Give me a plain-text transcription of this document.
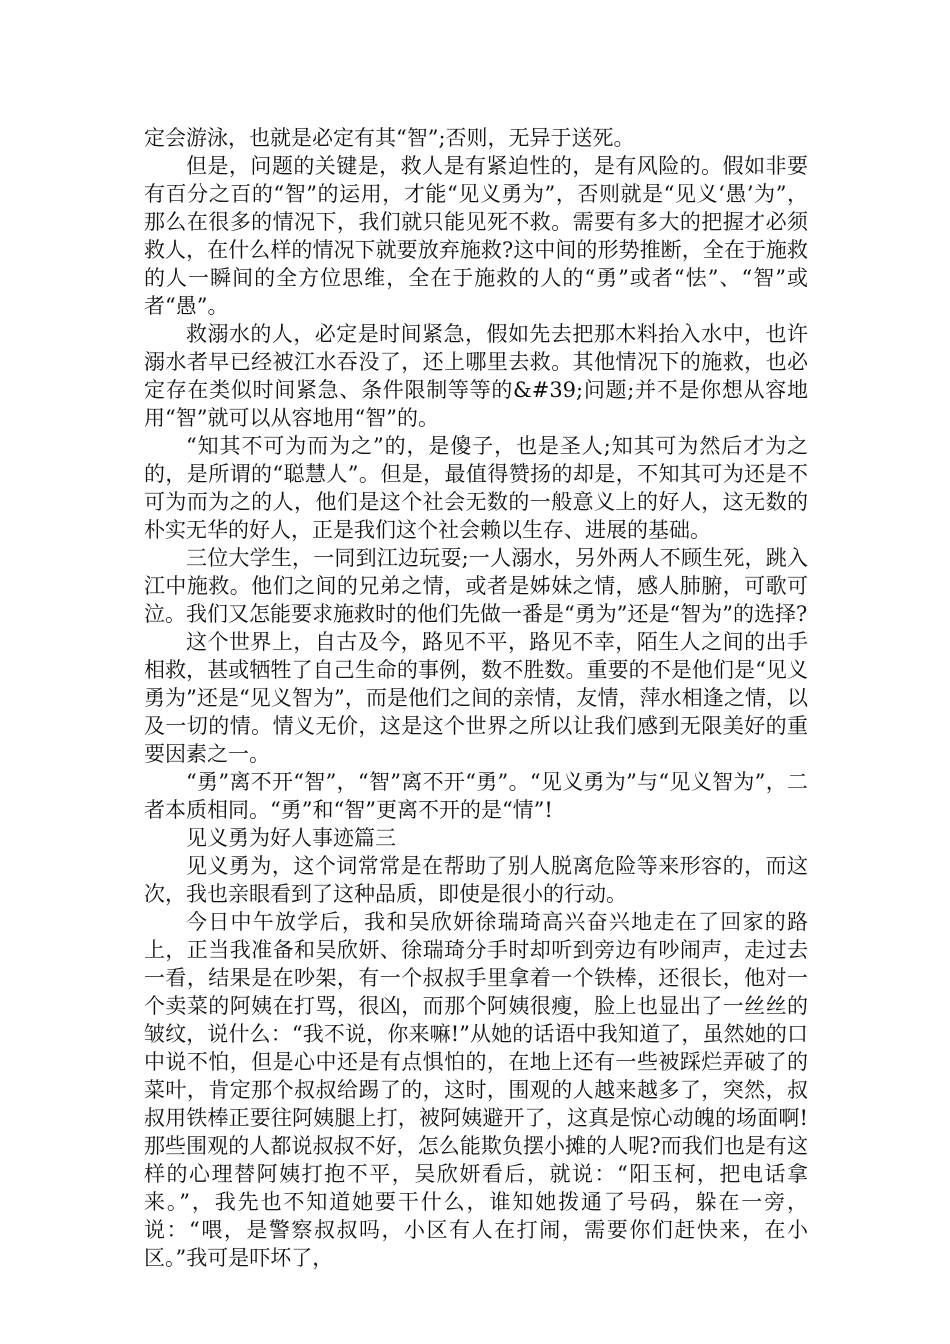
定会游泳，也就是必定有其“智”;否则，无异于送死。

但是，问题的关键是，救人是有紧迫性的，是有风险的。假如非要有百分之百的“智”的运用，才能“见义勇为”，否则就是“见义‘愚’为”，那么在很多的情况下，我们就只能见死不救。需要有多大的把握才必须救人，在什么样的情况下就要放弃施救?这中间的形势推断，全在于施救的人一瞬间的全方位思维，全在于施救的人的“勇”或者“怯”、“智”或者“愚”。

救溺水的人，必定是时间紧急，假如先去把那木料抬入水中，也许溺水者早已经被江水吞没了，还上哪里去救。其他情况下的施救，也必定存在类似时间紧急、条件限制等等的&#39;问题;并不是你想从容地用“智”就可以从容地用“智”的。

“知其不可为而为之”的，是傻子，也是圣人;知其可为然后才为之的，是所谓的“聪慧人”。但是，最值得赞扬的却是，不知其可为还是不可为而为之的人，他们是这个社会无数的一般意义上的好人，这无数的朴实无华的好人，正是我们这个社会赖以生存、进展的基础。

三位大学生，一同到江边玩耍;一人溺水，另外两人不顾生死，跳入江中施救。他们之间的兄弟之情，或者是姊妹之情，感人肺腑，可歌可泣。我们又怎能要求施救时的他们先做一番是“勇为”还是“智为”的选择?

这个世界上，自古及今，路见不平，路见不幸，陌生人之间的出手相救，甚或牺牲了自己生命的事例，数不胜数。重要的不是他们是“见义勇为”还是“见义智为”，而是他们之间的亲情，友情，萍水相逢之情，以及一切的情。情义无价，这是这个世界之所以让我们感到无限美好的重要因素之一。

“勇”离不开“智”，“智”离不开“勇”。“见义勇为”与“见义智为”，二者本质相同。“勇”和“智”更离不开的是“情”!

见义勇为好人事迹篇三

见义勇为，这个词常常是在帮助了别人脱离危险等来形容的，而这次，我也亲眼看到了这种品质，即使是很小的行动。

今日中午放学后，我和吴欣妍徐瑞琦高兴奋兴地走在了回家的路上，正当我准备和吴欣妍、徐瑞琦分手时却听到旁边有吵闹声，走过去一看，结果是在吵架，有一个叔叔手里拿着一个铁棒，还很长，他对一个卖菜的阿姨在打骂，很凶，而那个阿姨很瘦，脸上也显出了一丝丝的皱纹，说什么：“我不说，你来嘛!”从她的话语中我知道了，虽然她的口中说不怕，但是心中还是有点惧怕的，在地上还有一些被踩烂弄破了的菜叶，肯定那个叔叔给踢了的，这时，围观的人越来越多了，突然，叔叔用铁棒正要往阿姨腿上打，被阿姨避开了，这真是惊心动魄的场面啊!那些围观的人都说叔叔不好，怎么能欺负摆小摊的人呢?而我们也是有这样的心理替阿姨打抱不平，吴欣妍看后，就说：“阳玉柯，把电话拿来。”，我先也不知道她要干什么，谁知她拨通了号码，躲在一旁，说：“喂，是警察叔叔吗，小区有人在打闹，需要你们赶快来，在小区。”我可是吓坏了，
